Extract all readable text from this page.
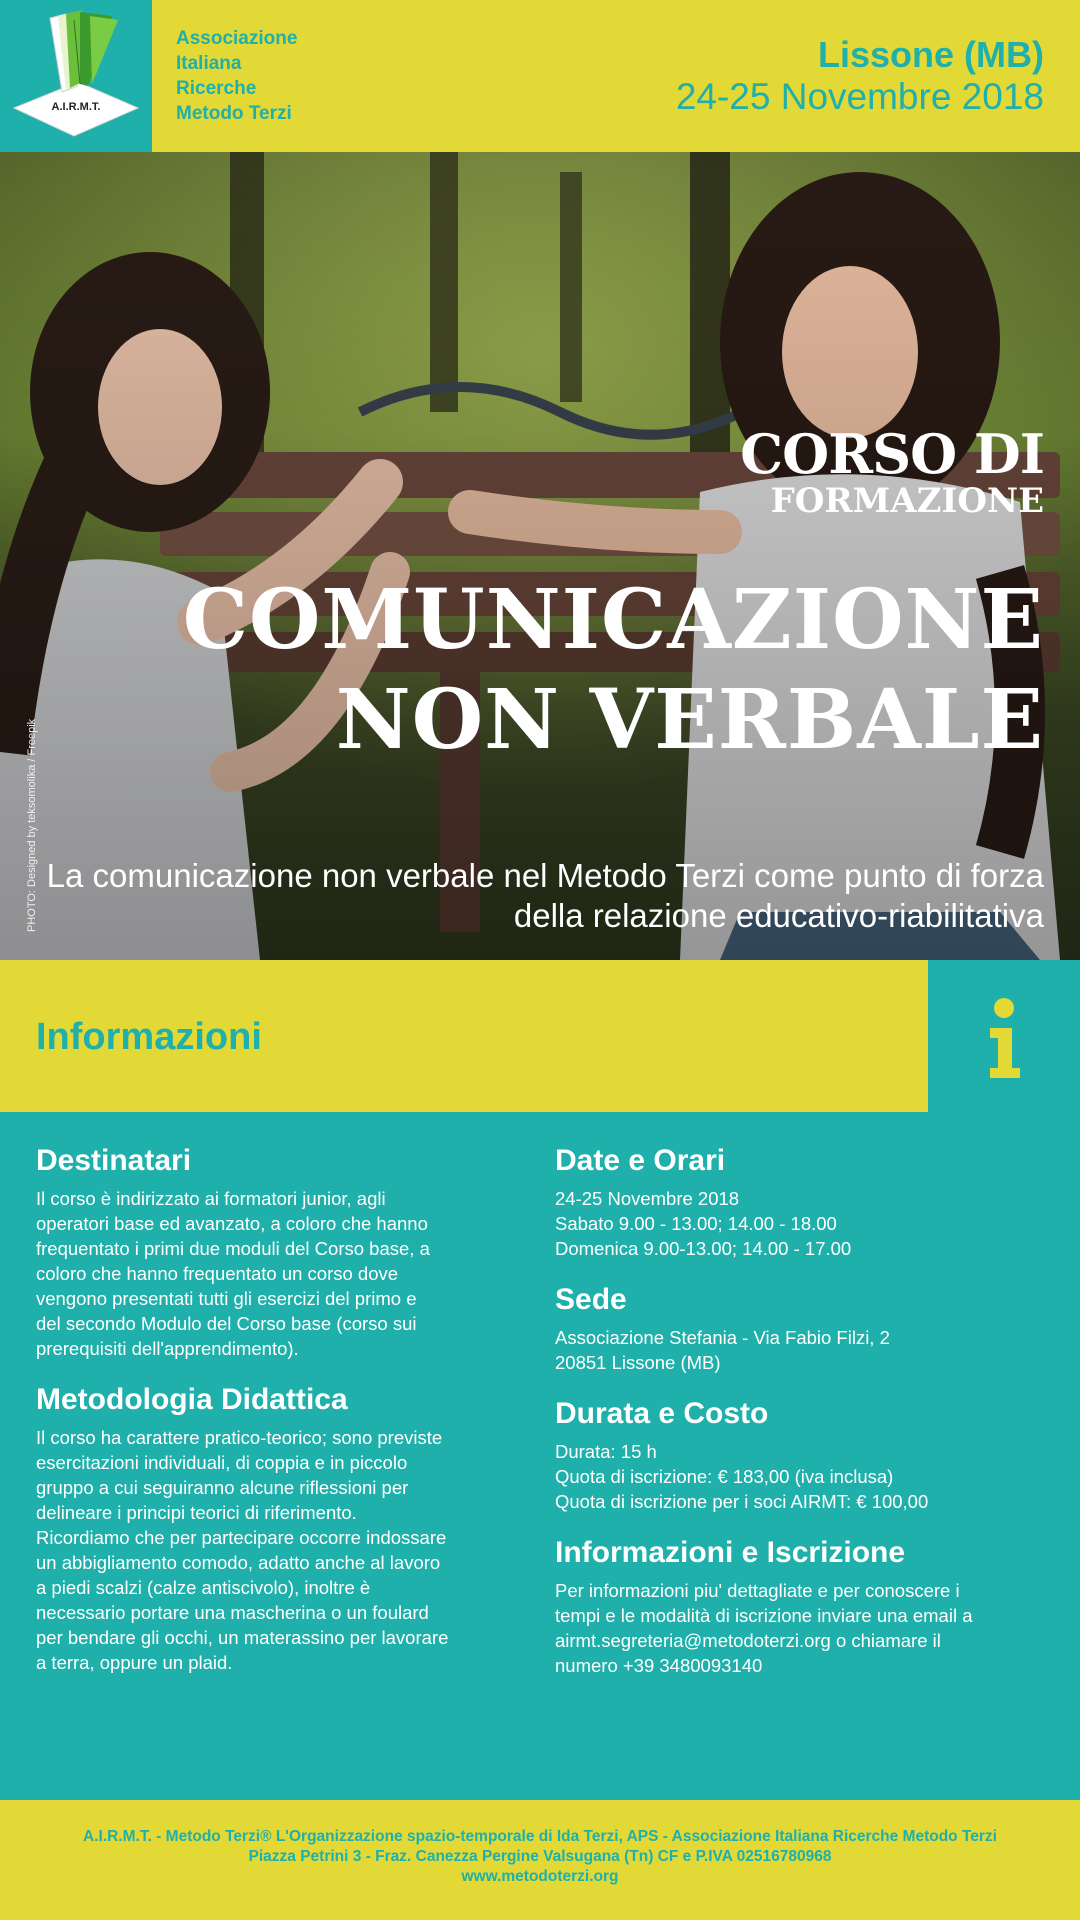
A.I.R.M.T.
Associazione
Italiana
Ricerche
Metodo Terzi
Lissone (MB)
24-25 Novembre 2018
PHOTO: Designed by teksomolika / Freepik
CORSO DI
FORMAZIONE
COMUNICAZIONE
NON VERBALE
La comunicazione non verbale nel Metodo Terzi come punto di forza della relazione educativo-riabilitativa
Informazioni
Destinatari
Il corso è indirizzato ai formatori junior, agli
operatori base ed avanzato, a coloro che hanno
frequentato i primi due moduli del Corso base, a
coloro che hanno frequentato un corso dove
vengono presentati tutti gli esercizi del primo e
del secondo Modulo del Corso base (corso sui
prerequisiti dell'apprendimento).
Metodologia Didattica
Il corso ha carattere pratico-teorico; sono previste
esercitazioni individuali, di coppia e in piccolo
gruppo a cui seguiranno alcune riflessioni per
delineare i principi teorici di riferimento.
Ricordiamo che per partecipare occorre indossare
un abbigliamento comodo, adatto anche al lavoro
a piedi scalzi (calze antiscivolo), inoltre è
necessario portare una mascherina o un foulard
per bendare gli occhi, un materassino per lavorare
a terra, oppure un plaid.
Date e Orari
24-25 Novembre 2018
Sabato 9.00 - 13.00; 14.00 - 18.00
Domenica 9.00-13.00; 14.00 - 17.00
Sede
Associazione Stefania - Via Fabio Filzi, 2
20851 Lissone (MB)
Durata e Costo
Durata: 15 h
Quota di iscrizione: € 183,00 (iva inclusa)
Quota di iscrizione per i soci AIRMT: € 100,00
Informazioni e Iscrizione
Per informazioni piu' dettagliate e per conoscere i
tempi e le modalità di iscrizione inviare una email a
airmt.segreteria@metodoterzi.org o chiamare il
numero +39 3480093140
A.I.R.M.T. - Metodo Terzi® L'Organizzazione spazio-temporale di Ida Terzi, APS - Associazione Italiana Ricerche Metodo Terzi
Piazza Petrini 3 - Fraz. Canezza Pergine Valsugana (Tn) CF e P.IVA 02516780968
www.metodoterzi.org
